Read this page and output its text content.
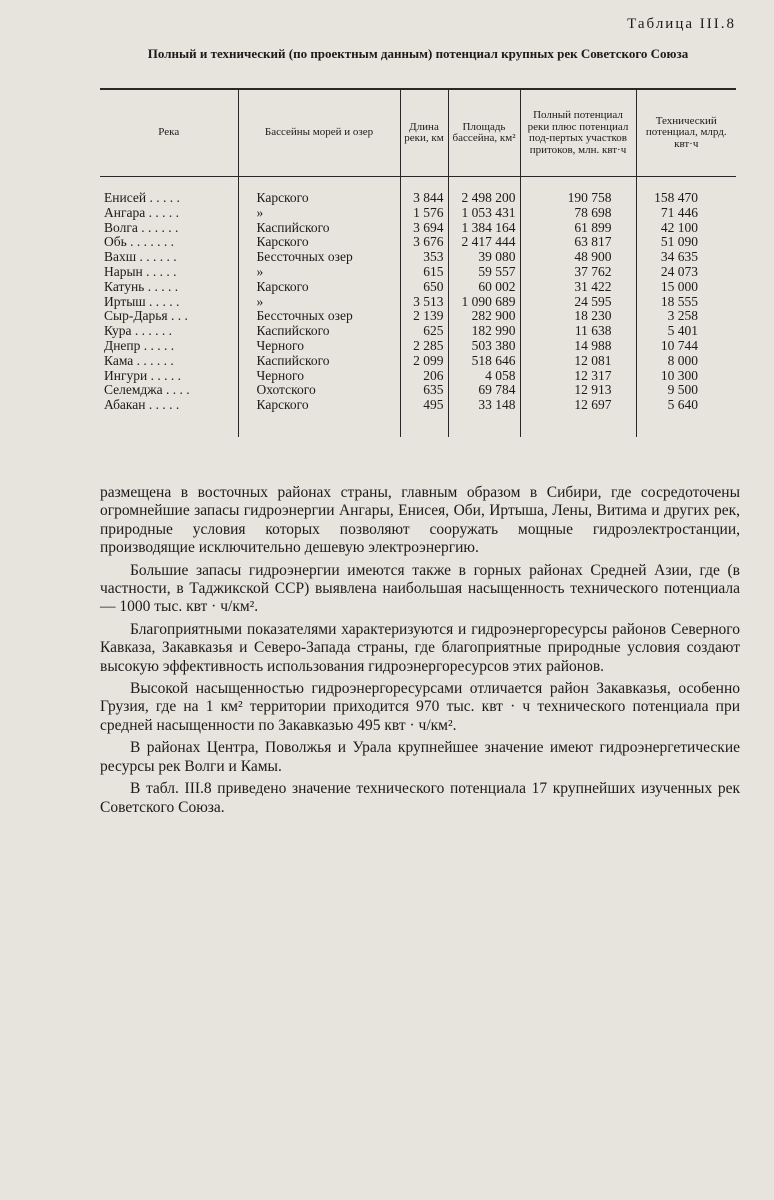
Таблица III.8
Полный и технический (по проектным данным) потенциал крупных рек Советского Союза
Река	Бассейны морей и озер	Длина реки, км	Площадь бассейна, км²	Полный потенциал реки плюс потенциал под-пертых участков притоков, млн. квт·ч	Технический потенциал, млрд. квт·ч

Енисей . . . . .	Карского	3 844	2 498 200	190 758	158 470
Ангара . . . . .	»	1 576	1 053 431	78 698	71 446
Волга . . . . . .	Каспийского	3 694	1 384 164	61 899	42 100
Обь . . . . . . .	Карского	3 676	2 417 444	63 817	51 090
Вахш . . . . . .	Бессточных озер	353	39 080	48 900	34 635
Нарын . . . . .	»	615	59 557	37 762	24 073
Катунь . . . . .	Карского	650	60 002	31 422	15 000
Иртыш . . . . .	»	3 513	1 090 689	24 595	18 555
Сыр-Дарья . . .	Бессточных озер	2 139	282 900	18 230	3 258
Кура . . . . . .	Каспийского	625	182 990	11 638	5 401
Днепр . . . . .	Черного	2 285	503 380	14 988	10 744
Кама . . . . . .	Каспийского	2 099	518 646	12 081	8 000
Ингури . . . . .	Черного	206	4 058	12 317	10 300
Селемджа . . . .	Охотского	635	69 784	12 913	9 500
Абакан . . . . .	Карского	495	33 148	12 697	5 640

размещена в восточных районах страны, главным образом в Сибири, где сосредоточены огромнейшие запасы гидроэнергии Ангары, Енисея, Оби, Иртыша, Лены, Витима и других рек, природные условия которых позволяют сооружать мощные гидроэлектростанции, производящие исключительно дешевую электроэнергию.

Большие запасы гидроэнергии имеются также в горных районах Средней Азии, где (в частности, в Таджикской ССР) выявлена наибольшая насыщенность технического потенциала — 1000 тыс. квт · ч/км².

Благоприятными показателями характеризуются и гидроэнергоресурсы районов Северного Кавказа, Закавказья и Северо-Запада страны, где благоприятные природные условия создают высокую эффективность использования гидроэнергоресурсов этих районов.

Высокой насыщенностью гидроэнергоресурсами отличается район Закавказья, особенно Грузия, где на 1 км² территории приходится 970 тыс. квт · ч технического потенциала при средней насыщенности по Закавказью 495 квт · ч/км².

В районах Центра, Поволжья и Урала крупнейшее значение имеют гидроэнергетические ресурсы рек Волги и Камы.

В табл. III.8 приведено значение технического потенциала 17 крупнейших изученных рек Советского Союза.
